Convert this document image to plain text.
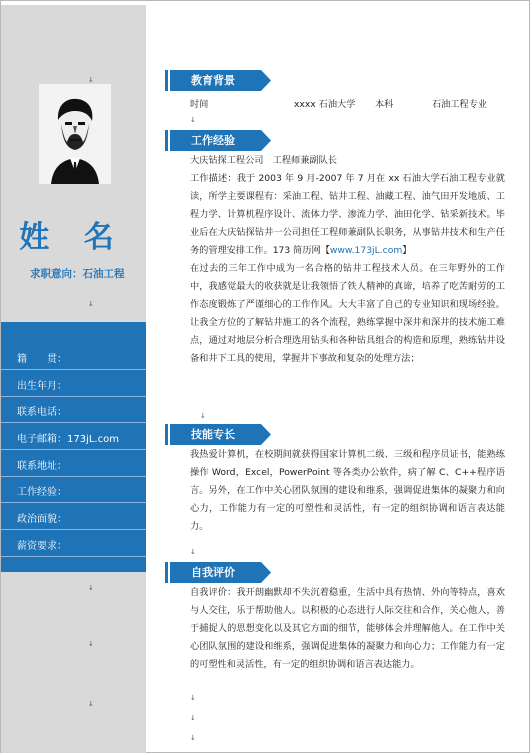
姓 名
求职意向：石油工程
籍　　贯：
出生年月：
联系电话：
电子邮箱：173jL.com
联系地址：
工作经验：
政治面貌：
薪资要求：
教育背景
时间	xxxx 石油大学 本科	石油工程专业
工作经验

大庆钻探工程公司　工程师兼副队长

工作描述：我于 2003 年 9 月-2007 年 7 月在 xx 石油大学石油工程专业就读，所学主要课程有：采油工程、钻井工程、油藏工程、油气田开发地质、工程力学、计算机程序设计、流体力学、渗流力学、油田化学、钻采新技术。毕业后在大庆钻探钻井一公司担任工程师兼副队长职务，从事钻井技术和生产任务的管理安排工作。173 简历网【www.173jL.com】

在过去的三年工作中成为一名合格的钻井工程技术人员。在三年野外的工作中，我感觉最大的收获就是让我领悟了铁人精神的真谛，培养了吃苦耐劳的工作态度锻炼了严谨细心的工作作风。大大丰富了自己的专业知识和现场经验。让我全方位的了解钻井施工的各个流程，熟练掌握中深井和深井的技术施工难点，通过对地层分析合理选用钻头和各种钻具组合的构造和原理，熟练钻井设备和井下工具的使用，掌握井下事故和复杂的处理方法；

技能专长

我热爱计算机，在校期间就获得国家计算机二级、三级和程序员证书，能熟练操作 Word，Excel，PowerPoint 等各类办公软件，病了解 C、C++程序语言。另外，在工作中关心团队氛围的建设和维系，强调促进集体的凝聚力和向心力，工作能力有一定的可塑性和灵活性，有一定的组织协调和语言表达能力。

自我评价

自我评价：我开朗幽默却不失沉着稳重，生活中具有热情、外向等特点，喜欢与人交往，乐于帮助他人。以积极的心态进行人际交往和合作，关心他人，善于捕捉人的思想变化以及其它方面的细节，能够体会并理解他人。在工作中关心团队氛围的建设和维系，强调促进集体的凝聚力和向心力；工作能力有一定的可塑性和灵活性，有一定的组织协调和语言表达能力。

↓
↓
↓
↓
↓
↓
↓
↓
↓
↓
↓
